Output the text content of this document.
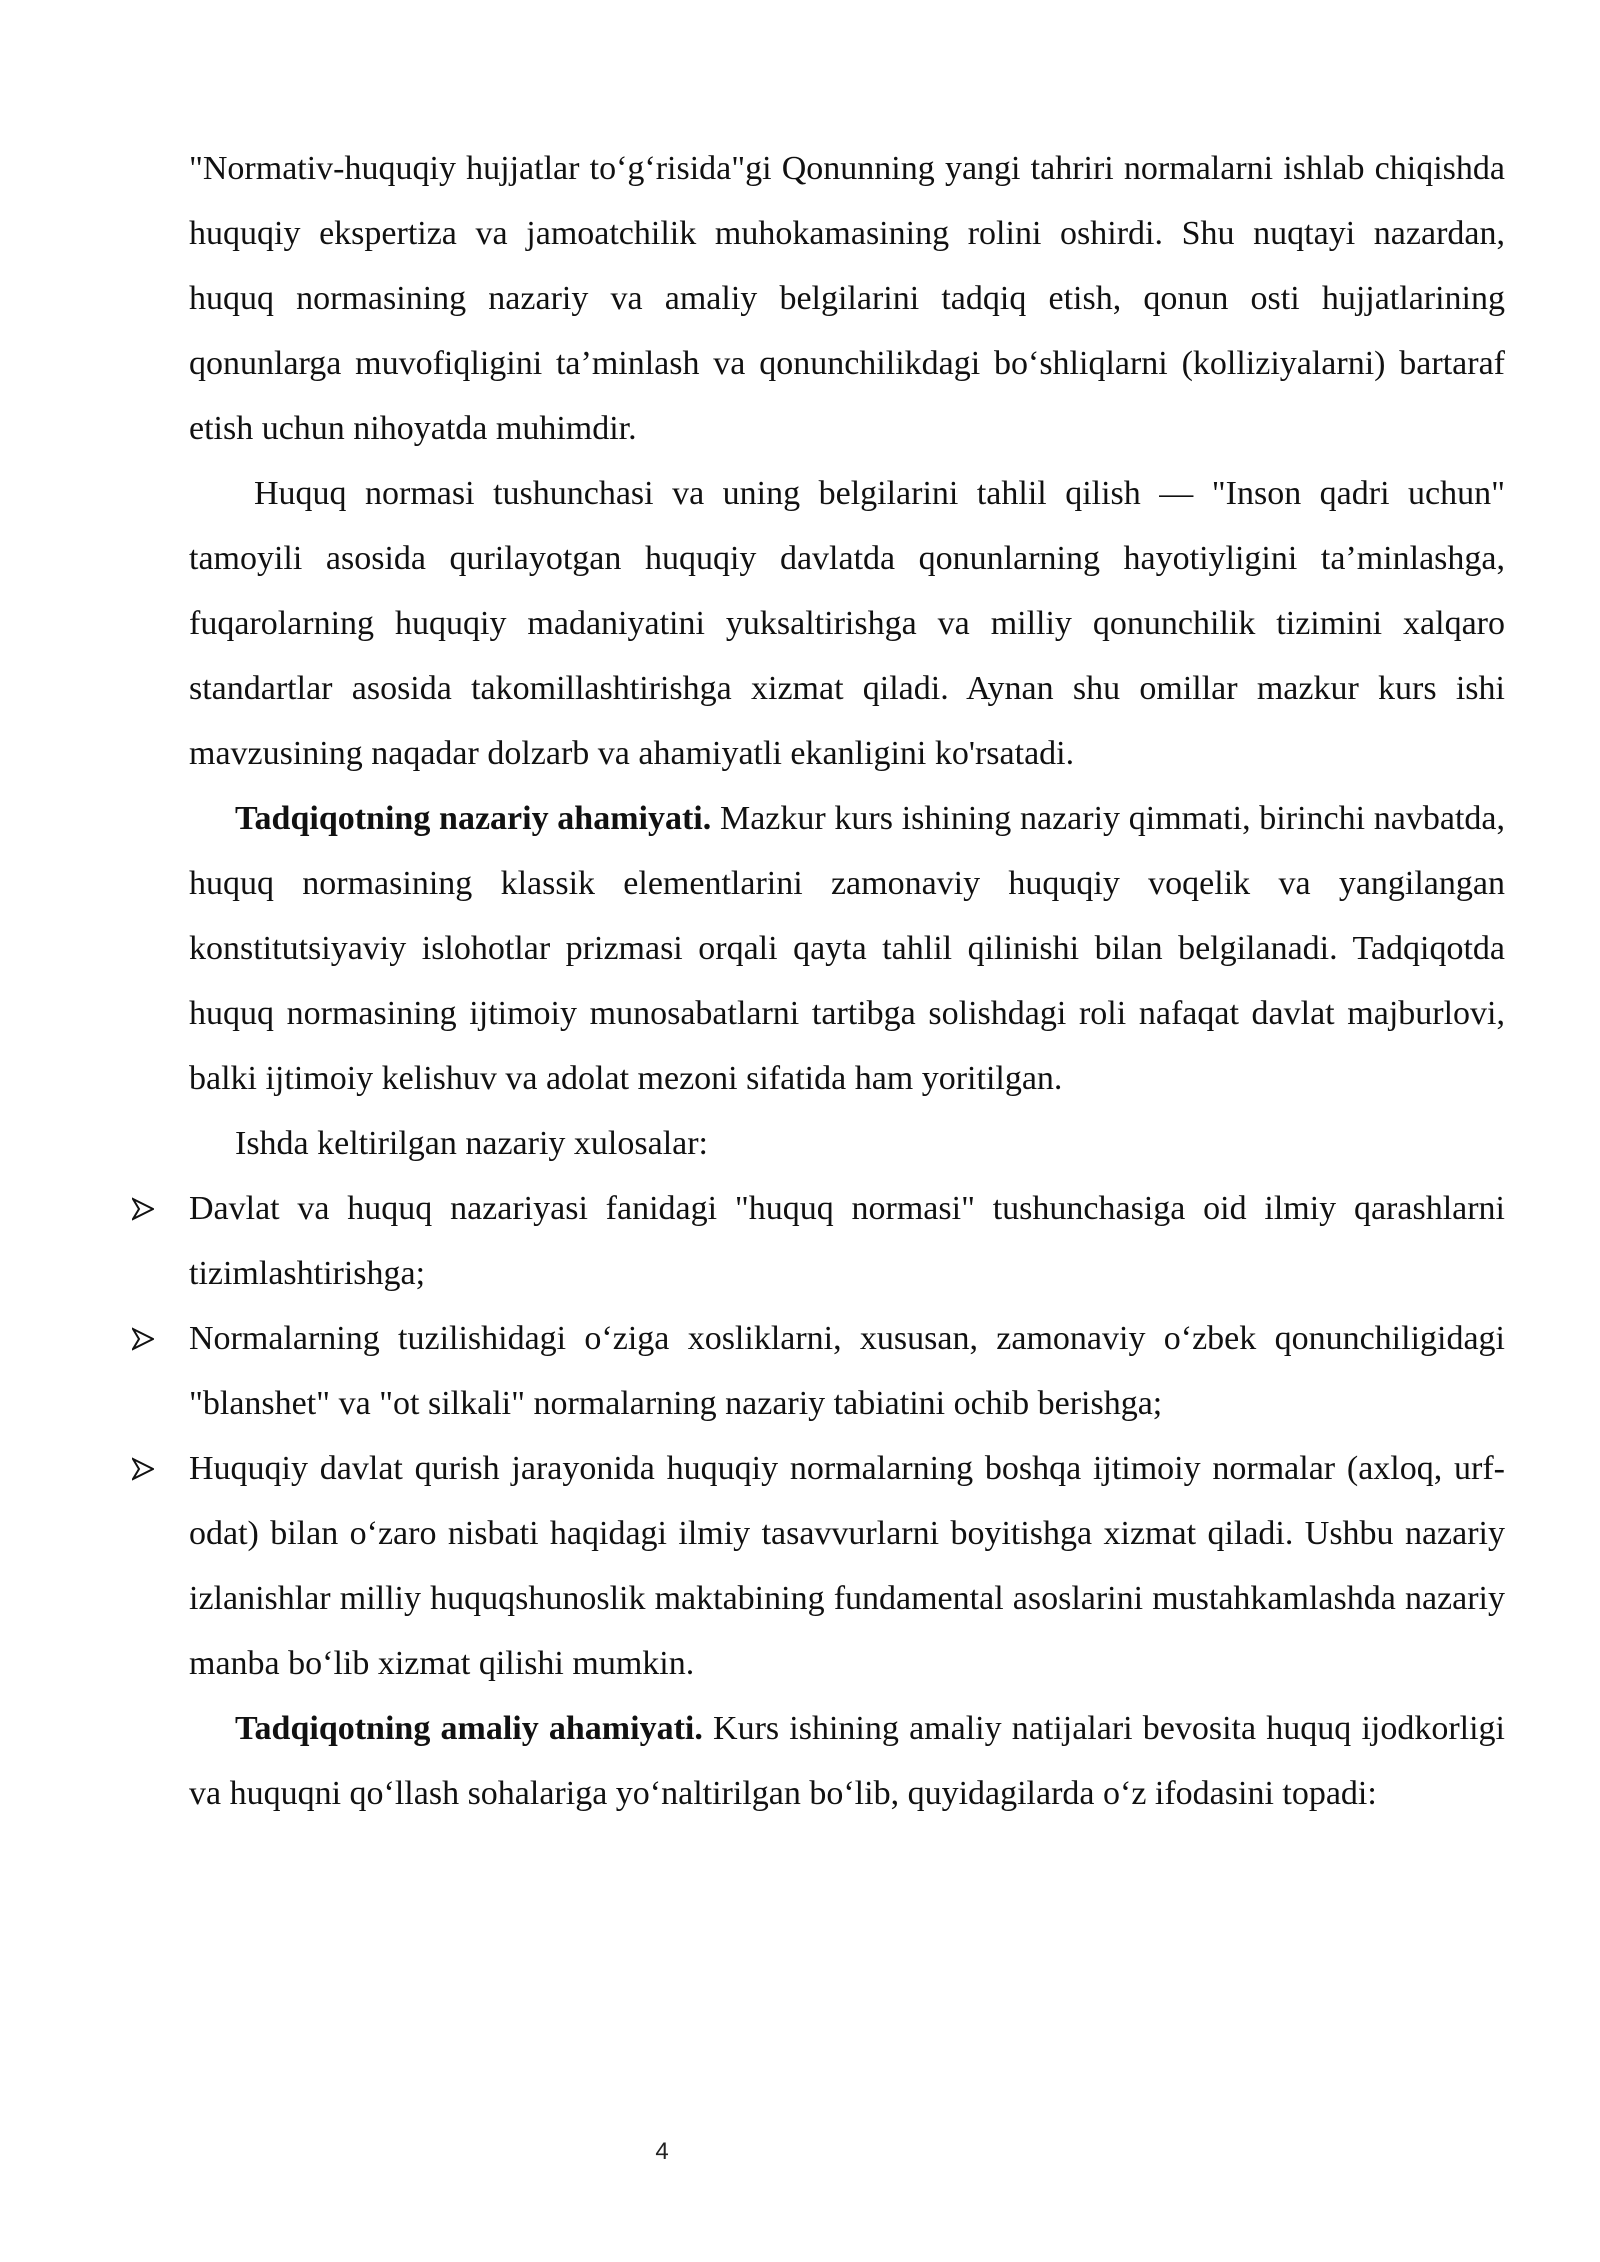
"Normativ-huquqiy hujjatlar to‘g‘risida"gi Qonunning yangi tahriri normalarni ishlab chiqishda huquqiy ekspertiza va jamoatchilik muhokamasining rolini oshirdi. Shu nuqtayi nazardan, huquq normasining nazariy va amaliy belgilarini tadqiq etish, qonun osti hujjatlarining qonunlarga muvofiqligini ta’minlash va qonunchilikdagi bo‘shliqlarni (kolliziyalarni) bartaraf etish uchun nihoyatda muhimdir.

Huquq normasi tushunchasi va uning belgilarini tahlil qilish — "Inson qadri uchun" tamoyili asosida qurilayotgan huquqiy davlatda qonunlarning hayotiyligini ta’minlashga, fuqarolarning huquqiy madaniyatini yuksaltirishga va milliy qonunchilik tizimini xalqaro standartlar asosida takomillashtirishga xizmat qiladi. Aynan shu omillar mazkur kurs ishi mavzusining naqadar dolzarb va ahamiyatli ekanligini ko'rsatadi.

Tadqiqotning nazariy ahamiyati. Mazkur kurs ishining nazariy qimmati, birinchi navbatda, huquq normasining klassik elementlarini zamonaviy huquqiy voqelik va yangilangan konstitutsiyaviy islohotlar prizmasi orqali qayta tahlil qilinishi bilan belgilanadi. Tadqiqotda huquq normasining ijtimoiy munosabatlarni tartibga solishdagi roli nafaqat davlat majburlovi, balki ijtimoiy kelishuv va adolat mezoni sifatida ham yoritilgan.

Ishda keltirilgan nazariy xulosalar:

Davlat va huquq nazariyasi fanidagi "huquq normasi" tushunchasiga oid ilmiy qarashlarni tizimlashtirishga;
Normalarning tuzilishidagi o‘ziga xosliklarni, xususan, zamonaviy o‘zbek qonunchiligidagi "blanshet" va "ot silkali" normalarning nazariy tabiatini ochib berishga;
Huquqiy davlat qurish jarayonida huquqiy normalarning boshqa ijtimoiy normalar (axloq, urf-odat) bilan o‘zaro nisbati haqidagi ilmiy tasavvurlarni boyitishga xizmat qiladi. Ushbu nazariy izlanishlar milliy huquqshunoslik maktabining fundamental asoslarini mustahkamlashda nazariy manba bo‘lib xizmat qilishi mumkin.

Tadqiqotning amaliy ahamiyati. Kurs ishining amaliy natijalari bevosita huquq ijodkorligi va huquqni qo‘llash sohalariga yo‘naltirilgan bo‘lib, quyidagilarda o‘z ifodasini topadi:

4
